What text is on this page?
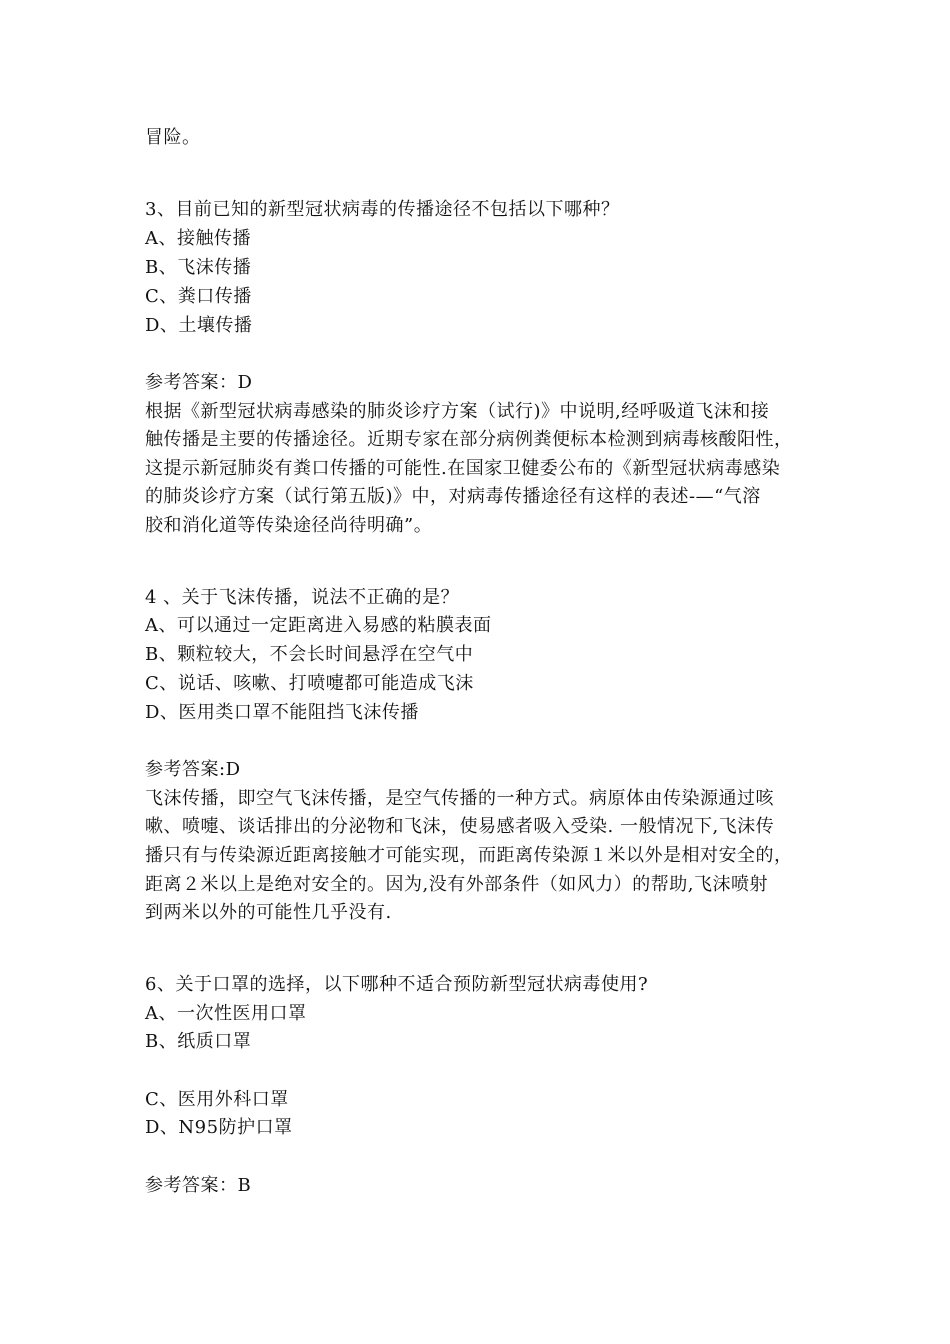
冒险。
3、目前已知的新型冠状病毒的传播途径不包括以下哪种？
A、接触传播
B、飞沫传播
C、粪口传播
D、土壤传播
参考答案：D
根据《新型冠状病毒感染的肺炎诊疗方案（试行)》中说明,经呼吸道飞沫和接
触传播是主要的传播途径。近期专家在部分病例粪便标本检测到病毒核酸阳性，
这提示新冠肺炎有粪口传播的可能性.在国家卫健委公布的《新型冠状病毒感染
的肺炎诊疗方案（试行第五版)》中，对病毒传播途径有这样的表述-—“气溶
胶和消化道等传染途径尚待明确”。
4 、关于飞沫传播，说法不正确的是？
A、可以通过一定距离进入易感的粘膜表面
B、颗粒较大，不会长时间悬浮在空气中
C、说话、咳嗽、打喷嚏都可能造成飞沫
D、医用类口罩不能阻挡飞沫传播
参考答案:D
飞沫传播，即空气飞沫传播，是空气传播的一种方式。病原体由传染源通过咳
嗽、喷嚏、谈话排出的分泌物和飞沫，使易感者吸入受染. 一般情况下,飞沫传
播只有与传染源近距离接触才可能实现，而距离传染源１米以外是相对安全的，
距离２米以上是绝对安全的。因为,没有外部条件（如风力）的帮助,飞沫喷射
到两米以外的可能性几乎没有.
6、关于口罩的选择，以下哪种不适合预防新型冠状病毒使用?
A、一次性医用口罩
B、纸质口罩
C、医用外科口罩
D、N95防护口罩
参考答案：B
